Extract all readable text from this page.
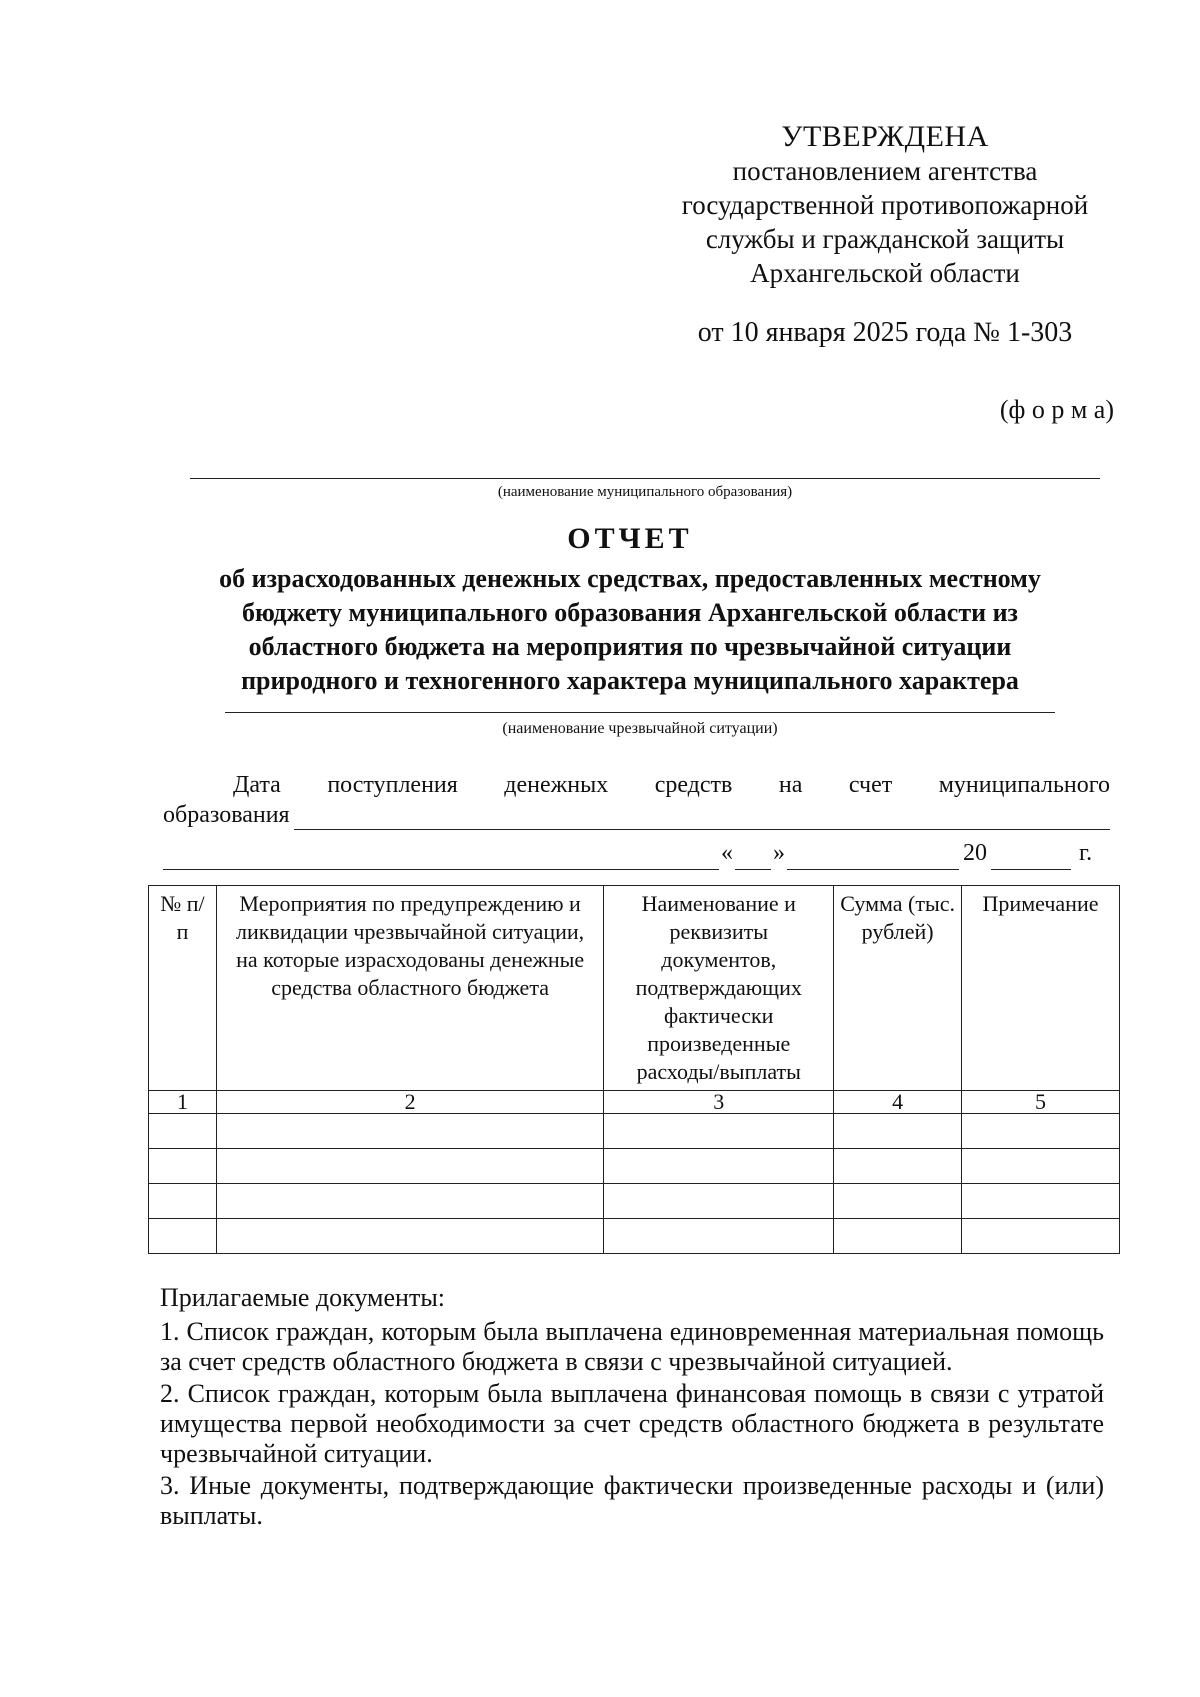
УТВЕРЖДЕНА
постановлением агентства
государственной противопожарной
службы и гражданской защиты
Архангельской области
от 10 января 2025 года № 1-303
(ф о р м а)
(наименование муниципального образования)
ОТЧЕТ
об израсходованных денежных средствах, предоставленных местному
бюджету муниципального образования Архангельской области из
областного бюджета на мероприятия по чрезвычайной ситуации
природного и техногенного характера муниципального характера
(наименование чрезвычайной ситуации)
Дата поступления денежных средств на счет муниципального
образования
« »	20	г.
№ п/п	Мероприятия по предупреждению и ликвидации чрезвычайной ситуации, на которые израсходованы денежные средства областного бюджета	Наименование и реквизиты документов, подтверждающих фактически произведенные расходы/выплаты	Сумма (тыс. рублей)	Примечание
1	2	3	4	5

Прилагаемые документы:
1. Список граждан, которым была выплачена единовременная материальная помощь за счет средств областного бюджета в связи с чрезвычайной ситуацией.
2. Список граждан, которым была выплачена финансовая помощь в связи с утратой имущества первой необходимости за счет средств областного бюджета в результате чрезвычайной ситуации.
3. Иные документы, подтверждающие фактически произведенные расходы и (или) выплаты.
